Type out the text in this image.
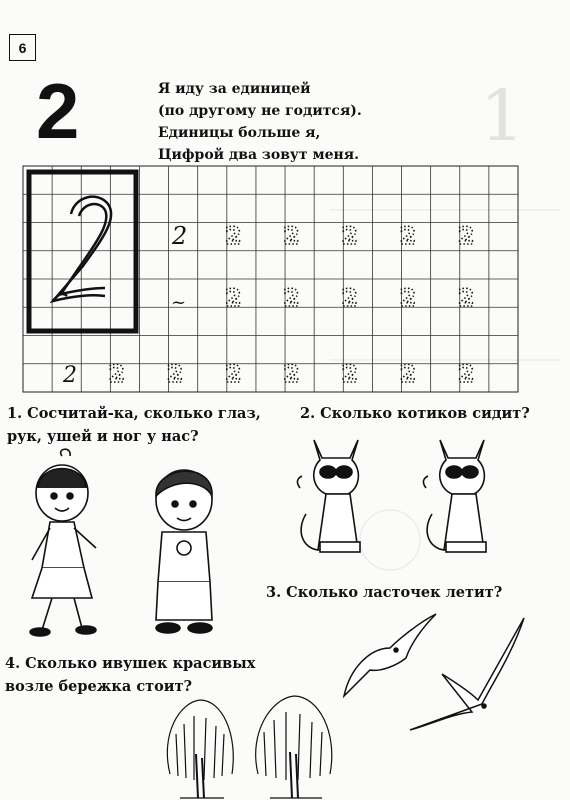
1
6
2	Я иду за единицей
(по другому не годится).
Единицы больше я,
Цифрой два зовут меня.
2
~
2
2 2 2 2 2
2 2 2 2 2
2 2 2 2 2 2 2
1. Сосчитай-ка, сколько глаз,
рук, ушей и ног у нас?
2. Сколько котиков сидит?
3. Сколько ласточек летит?
4. Сколько ивушек красивых
возле бережка стоит?
